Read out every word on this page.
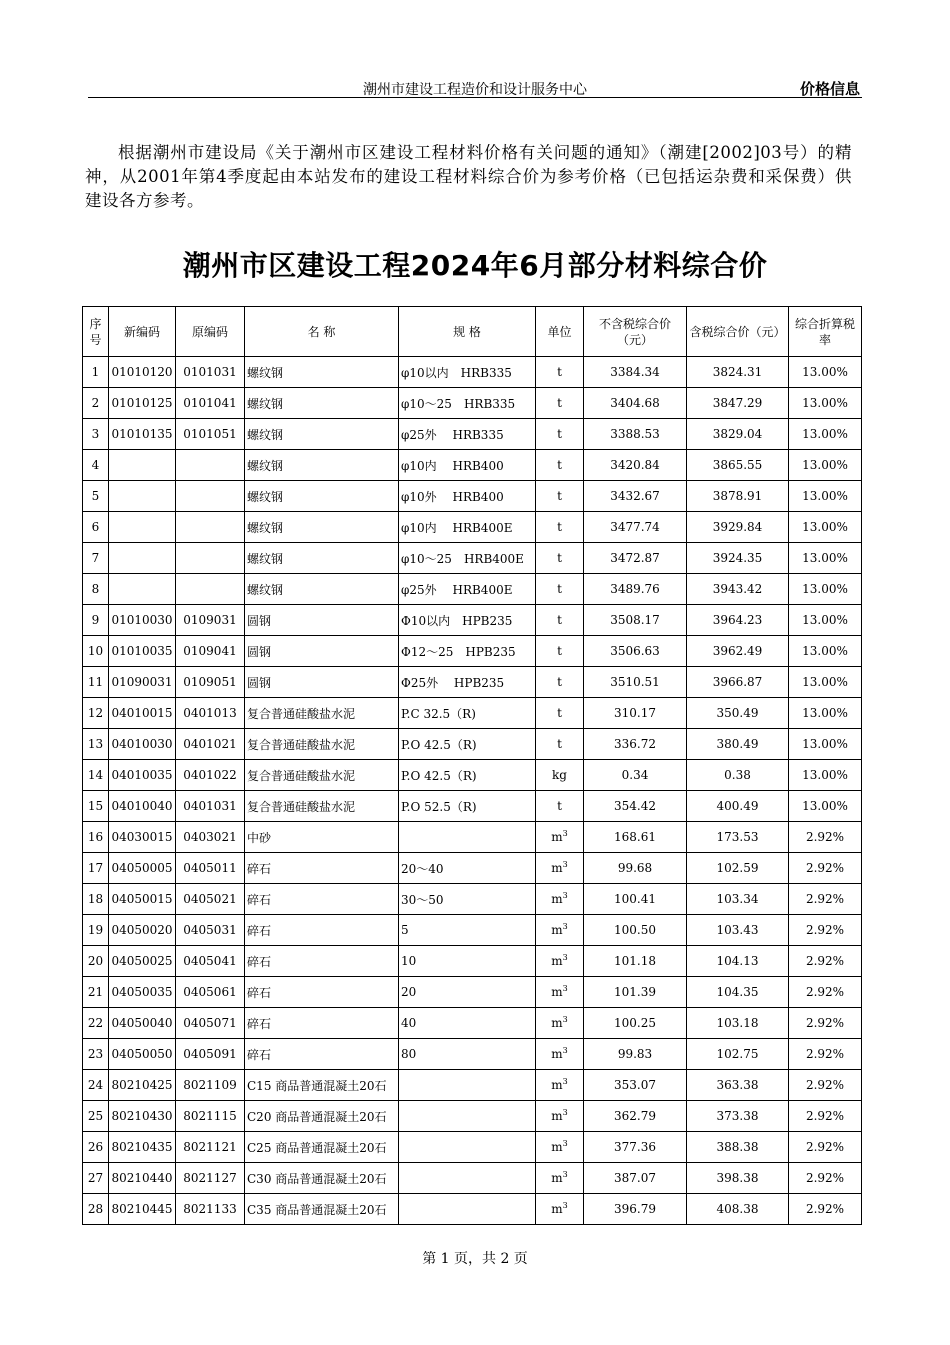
潮州市建设工程造价和设计服务中心	价格信息
根据潮州市建设局《关于潮州市区建设工程材料价格有关问题的通知》（潮建[2002]03号）的精神，从2001年第4季度起由本站发布的建设工程材料综合价为参考价格（已包括运杂费和采保费）供建设各方参考。
潮州市区建设工程2024年6月部分材料综合价
序号	新编码	原编码	名 称	规 格	单位	不含税综合价（元）	含税综合价（元）	综合折算税率
1	01010120	0101031	螺纹钢	φ10以内　HRB335	t	3384.34	3824.31	13.00%
2	01010125	0101041	螺纹钢	φ10～25　HRB335	t	3404.68	3847.29	13.00%
3	01010135	0101051	螺纹钢	φ25外　 HRB335	t	3388.53	3829.04	13.00%
4			螺纹钢	φ10内　 HRB400	t	3420.84	3865.55	13.00%
5			螺纹钢	φ10外　 HRB400	t	3432.67	3878.91	13.00%
6			螺纹钢	φ10内　 HRB400E	t	3477.74	3929.84	13.00%
7			螺纹钢	φ10～25　HRB400E	t	3472.87	3924.35	13.00%
8			螺纹钢	φ25外　 HRB400E	t	3489.76	3943.42	13.00%
9	01010030	0109031	圆钢	Φ10以内　HPB235	t	3508.17	3964.23	13.00%
10	01010035	0109041	圆钢	Φ12～25　HPB235	t	3506.63	3962.49	13.00%
11	01090031	0109051	圆钢	Φ25外　 HPB235	t	3510.51	3966.87	13.00%
12	04010015	0401013	复合普通硅酸盐水泥	P.C 32.5（R)	t	310.17	350.49	13.00%
13	04010030	0401021	复合普通硅酸盐水泥	P.O 42.5（R)	t	336.72	380.49	13.00%
14	04010035	0401022	复合普通硅酸盐水泥	P.O 42.5（R)	kg	0.34	0.38	13.00%
15	04010040	0401031	复合普通硅酸盐水泥	P.O 52.5（R)	t	354.42	400.49	13.00%
16	04030015	0403021	中砂		$m^3$	168.61	173.53	2.92%
17	04050005	0405011	碎石	20～40	$m^3$	99.68	102.59	2.92%
18	04050015	0405021	碎石	30～50	$m^3$	100.41	103.34	2.92%
19	04050020	0405031	碎石	5	$m^3$	100.50	103.43	2.92%
20	04050025	0405041	碎石	10	$m^3$	101.18	104.13	2.92%
21	04050035	0405061	碎石	20	$m^3$	101.39	104.35	2.92%
22	04050040	0405071	碎石	40	$m^3$	100.25	103.18	2.92%
23	04050050	0405091	碎石	80	$m^3$	99.83	102.75	2.92%
24	80210425	8021109	C15 商品普通混凝土20石		$m^3$	353.07	363.38	2.92%
25	80210430	8021115	C20 商品普通混凝土20石		$m^3$	362.79	373.38	2.92%
26	80210435	8021121	C25 商品普通混凝土20石		$m^3$	377.36	388.38	2.92%
27	80210440	8021127	C30 商品普通混凝土20石		$m^3$	387.07	398.38	2.92%
28	80210445	8021133	C35 商品普通混凝土20石		$m^3$	396.79	408.38	2.92%
第 1 页，共 2 页
